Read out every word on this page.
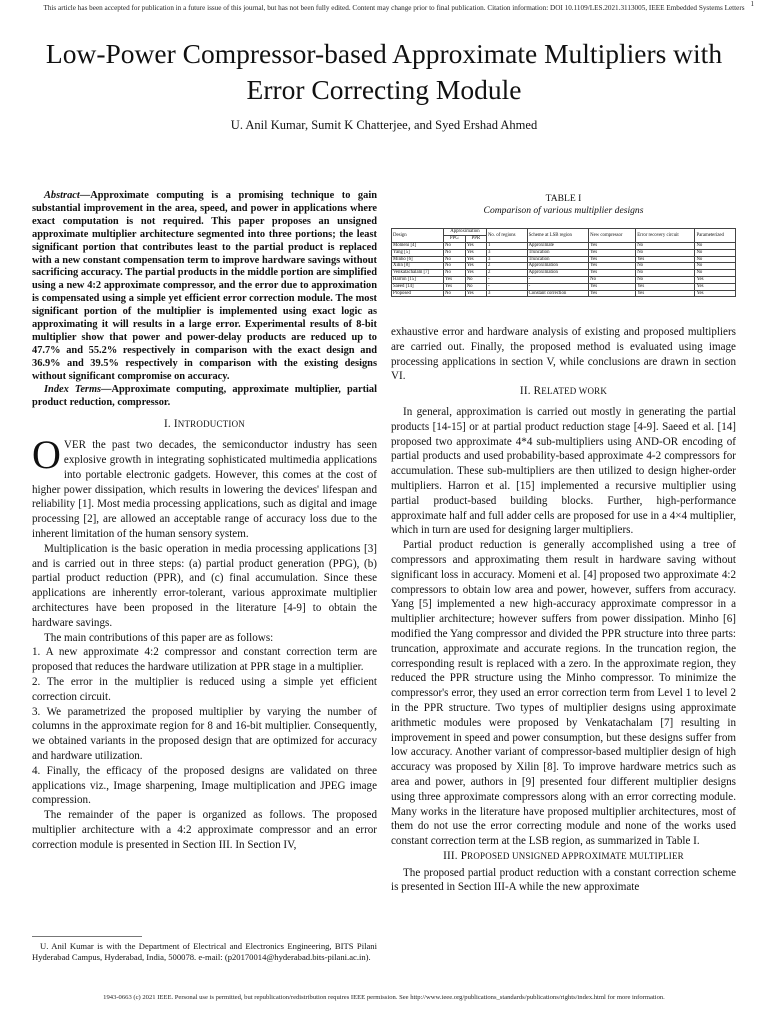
This article has been accepted for publication in a future issue of this journal, but has not been fully edited. Content may change prior to final publication. Citation information: DOI 10.1109/LES.2021.3113005, IEEE Embedded Systems Letters 1
Low-Power Compressor-based Approximate Multipliers with Error Correcting Module
U. Anil Kumar, Sumit K Chatterjee, and Syed Ershad Ahmed

Abstract—Approximate computing is a promising technique to gain substantial improvement in the area, speed, and power in applications where exact computation is not required. This paper proposes an unsigned approximate multiplier architecture segmented into three portions; the least significant portion that contributes least to the partial product is replaced with a new constant compensation term to improve hardware savings without sacrificing accuracy. The partial products in the middle portion are simplified using a new 4:2 approximate compressor, and the error due to approximation is compensated using a simple yet efficient error correction module. The most significant portion of the multiplier is implemented using exact logic as approximating it will results in a large error. Experimental results of 8-bit multiplier show that power and power-delay products are reduced up to 47.7% and 55.2% respectively in comparison with the exact design and 36.9% and 39.5% respectively in comparison with the existing designs without significant compromise on accuracy.

Index Terms—Approximate computing, approximate multiplier, partial product reduction, compressor.

I. INTRODUCTION

OVER the past two decades, the semiconductor industry has seen explosive growth in integrating sophisticated multimedia applications into portable electronic gadgets. However, this comes at the cost of higher power dissipation, which results in lowering the devices' lifespan and reliability [1]. Most media processing applications, such as digital and image processing [2], are allowed an acceptable range of accuracy loss due to the inherent limitation of the human sensory system.

Multiplication is the basic operation in media processing applications [3] and is carried out in three steps: (a) partial product generation (PPG), (b) partial product reduction (PPR), and (c) final accumulation. Since these applications are inherently error-tolerant, various approximate multiplier architectures have been proposed in the literature [4-9] to obtain the hardware savings.

The main contributions of this paper are as follows:

1. A new approximate 4:2 compressor and constant correction term are proposed that reduces the hardware utilization at PPR stage in a multiplier.

2. The error in the multiplier is reduced using a simple yet efficient correction circuit.

3. We parametrized the proposed multiplier by varying the number of columns in the approximate region for 8 and 16-bit multiplier. Consequently, we obtained variants in the proposed design that are optimized for accuracy and hardware utilization.

4. Finally, the efficacy of the proposed designs are validated on three applications viz., Image sharpening, Image multiplication and JPEG image compression.

The remainder of the paper is organized as follows. The proposed multiplier architecture with a 4:2 approximate compressor and an error correction module is presented in Section III. In Section IV,

U. Anil Kumar is with the Department of Electrical and Electronics Engineering, BITS Pilani Hyderabad Campus, Hyderabad, India, 500078. e-mail: (p20170014@hyderabad.bits-pilani.ac.in).

TABLE I
Comparison of various multiplier designs
Design	Approximation		No. of regions	Scheme at LSB region	New compressor	Error recovery circuit	Parameterized
	PPG	PPR					
Momeni [4]	No	Yes	1	Approximate	Yes	No	No
Yang [5]	No	Yes	3	Truncation	Yes	No	No
Minho [6]	No	Yes	3	Truncation	Yes	Yes	No
Xilin [8]	No	Yes	2	Approximation	Yes	No	No
Venkatachalam [7]	No	Yes	2	Approximation	Yes	No	No
Harron [15]	Yes	No	-	-	No	No	Yes
Saeed [14]	Yes	No	-	-	Yes	Yes	Yes
Proposed	No	Yes	3	Constant correction	Yes	Yes	Yes

exhaustive error and hardware analysis of existing and proposed multipliers are carried out. Finally, the proposed method is evaluated using image processing applications in section V, while conclusions are drawn in section VI.

II. RELATED WORK

In general, approximation is carried out mostly in generating the partial products [14-15] or at partial product reduction stage [4-9]. Saeed et al. [14] proposed two approximate 4*4 sub-multipliers using AND-OR encoding of partial products and used probability-based approximate 4-2 compressors for accumulation. These sub-multipliers are then utilized to design higher-order multipliers. Harron et al. [15] implemented a recursive multiplier using partial product-based building blocks. Further, high-performance approximate half and full adder cells are proposed for use in a 4×4 multiplier, which in turn are used for designing larger multipliers.

Partial product reduction is generally accomplished using a tree of compressors and approximating them result in hardware saving without significant loss in accuracy. Momeni et al. [4] proposed two approximate 4:2 compressors to obtain low area and power, however, suffers from accuracy. Yang [5] implemented a new high-accuracy approximate compressor in a multiplier architecture; however suffers from power dissipation. Minho [6] modified the Yang compressor and divided the PPR structure into three parts: truncation, approximate and accurate regions. In the truncation region, the corresponding result is replaced with a zero. In the approximate region, they reduced the PPR structure using the Minho compressor. To minimize the compressor's error, they used an error correction term from Level 1 to level 2 in the PPR structure. Two types of multiplier designs using approximate arithmetic modules were proposed by Venkatachalam [7] resulting in improvement in speed and power consumption, but these designs suffer from low accuracy. Another variant of compressor-based multiplier design of high accuracy was proposed by Xilin [8]. To improve hardware metrics such as area and power, authors in [9] presented four different multiplier designs using three approximate compressors along with an error correcting module. Many works in the literature have proposed multiplier architectures, most of them do not use the error correcting module and none of the works used constant correction term at the LSB region, as summarized in Table I.

III. PROPOSED UNSIGNED APPROXIMATE MULTIPLIER

The proposed partial product reduction with a constant correction scheme is presented in Section III-A while the new approximate

1943-0663 (c) 2021 IEEE. Personal use is permitted, but republication/redistribution requires IEEE permission. See http://www.ieee.org/publications_standards/publications/rights/index.html for more information.
